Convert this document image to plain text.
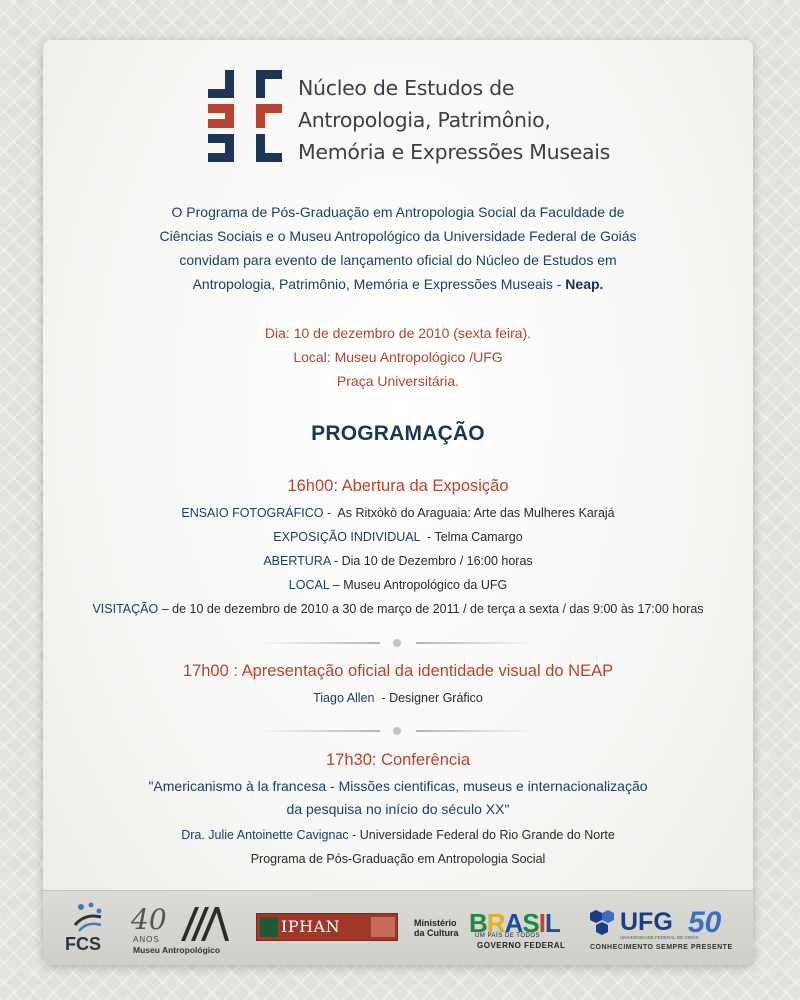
Núcleo de Estudos de
Antropologia, Patrimônio,
Memória e Expressões Museais
O Programa de Pós-Graduação em Antropologia Social da Faculdade de
Ciências Sociais e o Museu Antropológico da Universidade Federal de Goiás
convidam para evento de lançamento oficial do Núcleo de Estudos em
Antropologia, Patrimônio, Memória e Expressões Museais - Neap.
Dia: 10 de dezembro de 2010 (sexta feira).
Local: Museu Antropológico /UFG
Praça Universitária.
PROGRAMAÇÃO
16h00: Abertura da Exposição
ENSAIO FOTOGRÁFICO -  As Ritxòkò do Araguaia: Arte das Mulheres Karajá
EXPOSIÇÃO INDIVIDUAL  - Telma Camargo
ABERTURA - Dia 10 de Dezembro / 16:00 horas
LOCAL – Museu Antropológico da UFG
VISITAÇÃO – de 10 de dezembro de 2010 a 30 de março de 2011 / de terça a sexta / das 9:00 às 17:00 horas
17h00 : Apresentação oficial da identidade visual do NEAP
Tiago Allen  - Designer Gráfico
17h30: Conferência
"Americanismo à la francesa - Missões cientificas, museus e internacionalização
da pesquisa no início do século XX"
Dra. Julie Antoinette Cavignac - Universidade Federal do Rio Grande do Norte
Programa de Pós-Graduação em Antropologia Social
FCS
40
ANOS
Museu Antropológico
IPHAN	Ministério
da Cultura BRASIL
UM PAÍS DE TODOS
GOVERNO FEDERAL
UFG
UNIVERSIDADE FEDERAL DE GOIÁS
50
CONHECIMENTO SEMPRE PRESENTE
